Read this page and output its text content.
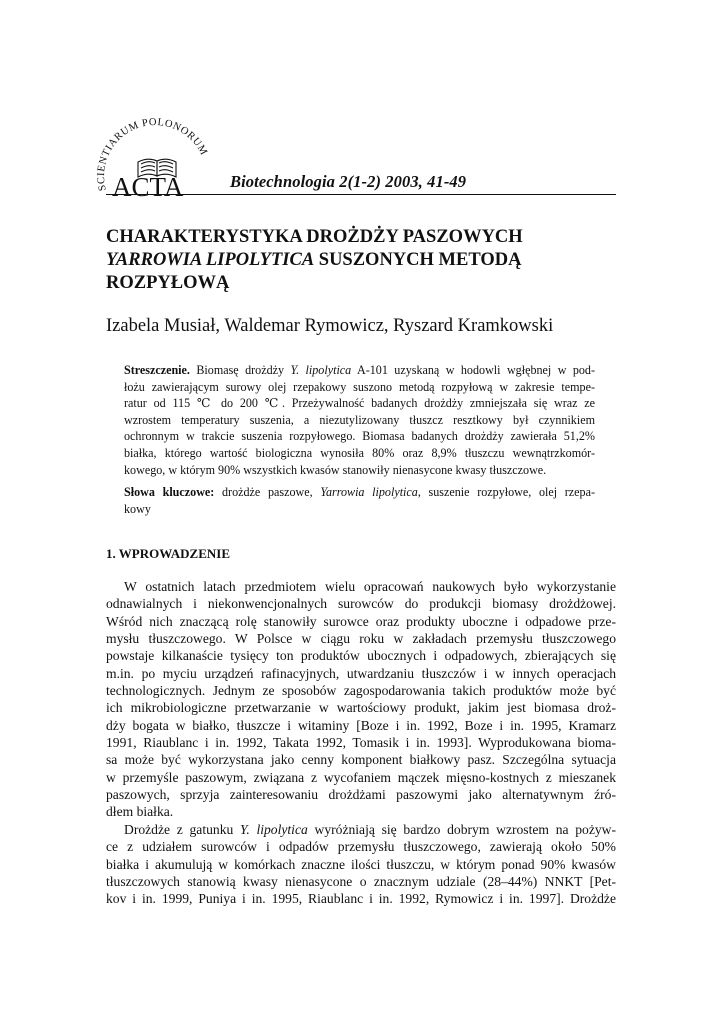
SCIENTIARUM POLONORUM
ACTA	Biotechnologia 2(1-2) 2003, 41-49
CHARAKTERYSTYKA DROŻDŻY PASZOWYCH
YARROWIA LIPOLYTICA SUSZONYCH METODĄ
ROZPYŁOWĄ
Izabela Musiał, Waldemar Rymowicz, Ryszard Kramkowski
Streszczenie. Biomasę drożdży Y. lipolytica A-101 uzyskaną w hodowli wgłębnej w pod-
łożu zawierającym surowy olej rzepakowy suszono metodą rozpyłową w zakresie tempe-
ratur od 115 ℃ do 200 ℃. Przeżywalność badanych drożdży zmniejszała się wraz ze
wzrostem temperatury suszenia, a niezutylizowany tłuszcz resztkowy był czynnikiem
ochronnym w trakcie suszenia rozpyłowego. Biomasa badanych drożdży zawierała 51,2%
białka, którego wartość biologiczna wynosiła 80% oraz 8,9% tłuszczu wewnątrzkomór-
kowego, w którym 90% wszystkich kwasów stanowiły nienasycone kwasy tłuszczowe.
Słowa kluczowe: drożdże paszowe, Yarrowia lipolytica, suszenie rozpyłowe, olej rzepa-
kowy
1. WPROWADZENIE
W ostatnich latach przedmiotem wielu opracowań naukowych było wykorzystanie
odnawialnych i niekonwencjonalnych surowców do produkcji biomasy drożdżowej.
Wśród nich znaczącą rolę stanowiły surowce oraz produkty uboczne i odpadowe prze-
mysłu tłuszczowego. W Polsce w ciągu roku w zakładach przemysłu tłuszczowego
powstaje kilkanaście tysięcy ton produktów ubocznych i odpadowych, zbierających się
m.in. po myciu urządzeń rafinacyjnych, utwardzaniu tłuszczów i w innych operacjach
technologicznych. Jednym ze sposobów zagospodarowania takich produktów może być
ich mikrobiologiczne przetwarzanie w wartościowy produkt, jakim jest biomasa droż-
dży bogata w białko, tłuszcze i witaminy [Boze i in. 1992, Boze i in. 1995, Kramarz
1991, Riaublanc i in. 1992, Takata 1992, Tomasik i in. 1993]. Wyprodukowana bioma-
sa może być wykorzystana jako cenny komponent białkowy pasz. Szczególna sytuacja
w przemyśle paszowym, związana z wycofaniem mączek mięsno-kostnych z mieszanek
paszowych, sprzyja zainteresowaniu drożdżami paszowymi jako alternatywnym źró-
dłem białka.
Drożdże z gatunku Y. lipolytica wyróżniają się bardzo dobrym wzrostem na pożyw-
ce z udziałem surowców i odpadów przemysłu tłuszczowego, zawierają około 50%
białka i akumulują w komórkach znaczne ilości tłuszczu, w którym ponad 90% kwasów
tłuszczowych stanowią kwasy nienasycone o znacznym udziale (28–44%) NNKT [Pet-
kov i in. 1999, Puniya i in. 1995, Riaublanc i in. 1992, Rymowicz i in. 1997]. Drożdże
